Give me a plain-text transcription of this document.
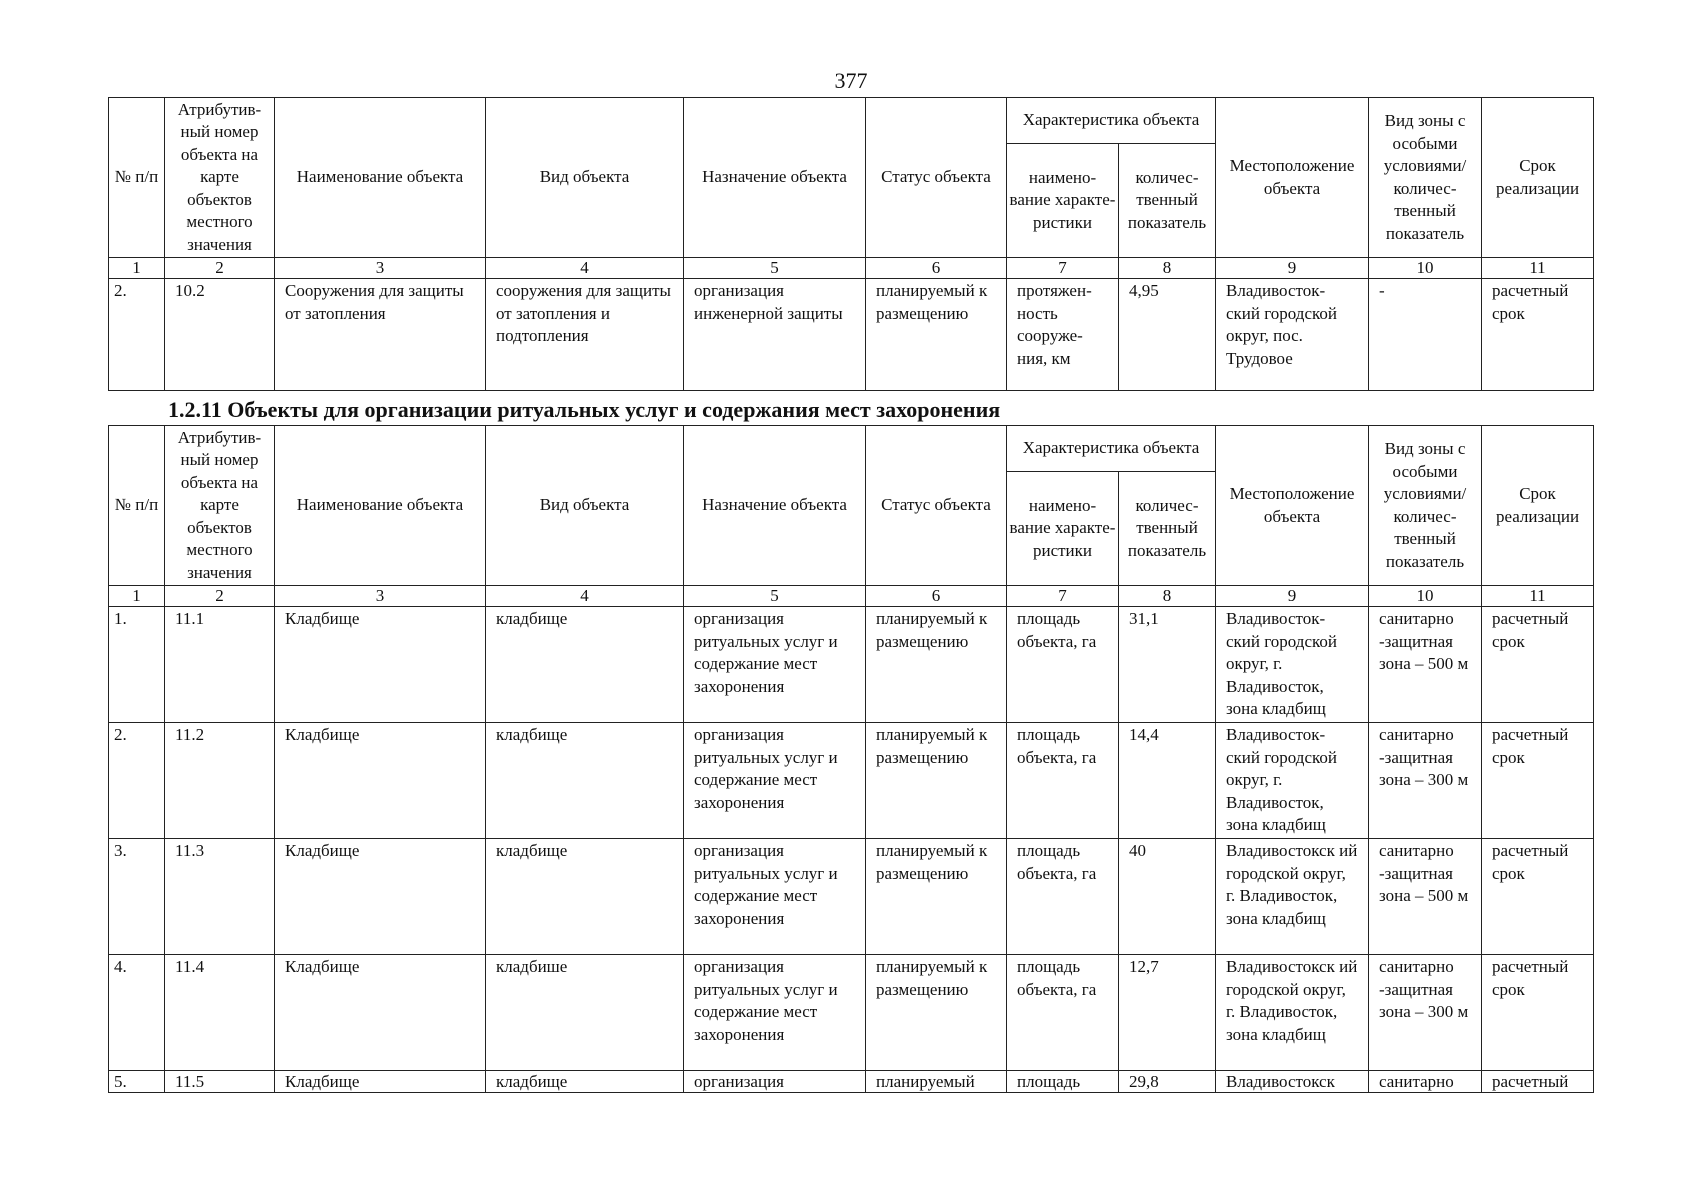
377
№ п/п	Атрибутив-ный номер объекта на карте объектов местного значения	Наименование объекта	Вид объекта	Назначение объекта	Статус объекта	Характеристика объекта		Местоположение объекта	Вид зоны с особыми условиями/ количес-твенный показатель	Срок реализации
						наимено-вание характе-ристики	количес-твенный показатель			
1	2	3	4	5	6	7	8	9	10	11
2.	10.2	Сооружения для защиты от затопления	сооружения для защиты от затопления и подтопления	организация инженерной защиты	планируемый к размещению	протяжен-ность сооруже-ния, км	4,95	Владивосток-ский городской округ, пос. Трудовое	-	расчетный срок
1.2.11 Объекты для организации ритуальных услуг и содержания мест захоронения
№ п/п	Атрибутив-ный номер объекта на карте объектов местного значения	Наименование объекта	Вид объекта	Назначение объекта	Статус объекта	Характеристика объекта		Местоположение объекта	Вид зоны с особыми условиями/ количес-твенный показатель	Срок реализации
						наимено-вание характе-ристики	количес-твенный показатель			
1	2	3	4	5	6	7	8	9	10	11
1.	11.1	Кладбище	кладбище	организация ритуальных услуг и содержание мест захоронения	планируемый к размещению	площадь объекта, га	31,1	Владивосток-ский городской округ, г. Владивосток, зона кладбищ	санитарно -защитная зона – 500 м	расчетный срок
2.	11.2	Кладбище	кладбище	организация ритуальных услуг и содержание мест захоронения	планируемый к размещению	площадь объекта, га	14,4	Владивосток-ский городской округ, г. Владивосток, зона кладбищ	санитарно -защитная зона – 300 м	расчетный срок
3.	11.3	Кладбище	кладбище	организация ритуальных услуг и содержание мест захоронения	планируемый к размещению	площадь объекта, га	40	Владивостокск ий городской округ, г. Владивосток, зона кладбищ	санитарно -защитная зона – 500 м	расчетный срок
4.	11.4	Кладбище	кладбише	организация ритуальных услуг и содержание мест захоронения	планируемый к размещению	площадь объекта, га	12,7	Владивостокск ий городской округ, г. Владивосток, зона кладбищ	санитарно -защитная зона – 300 м	расчетный срок
5.	11.5	Кладбище	кладбище	организация	планируемый	площадь	29,8	Владивостокск	санитарно	расчетный
